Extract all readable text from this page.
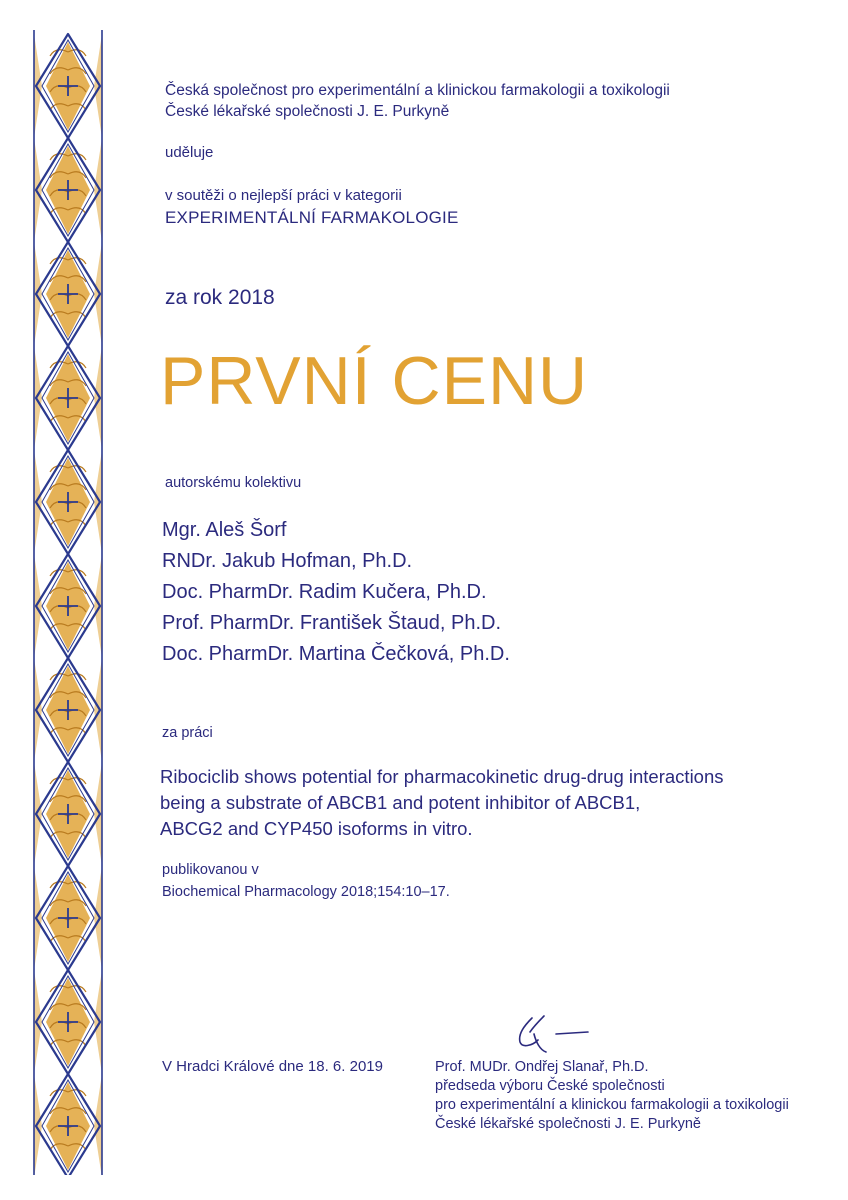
Česká společnost pro experimentální a klinickou farmakologii a toxikologii
České lékařské společnosti J. E. Purkyně

uděluje

v soutěži o nejlepší práci v kategorii

EXPERIMENTÁLNÍ FARMAKOLOGIE

za rok 2018

PRVNÍ CENU

autorskému kolektivu

Mgr. Aleš Šorf
RNDr. Jakub Hofman, Ph.D.
Doc. PharmDr. Radim Kučera, Ph.D.
Prof. PharmDr. František Štaud, Ph.D.
Doc. PharmDr. Martina Čečková, Ph.D.

za práci

Ribociclib shows potential for pharmacokinetic drug-drug interactions
being a substrate of ABCB1 and potent inhibitor of ABCB1,
ABCG2 and CYP450 isoforms in vitro.

publikovanou v

Biochemical Pharmacology 2018;154:10–17.

V Hradci Králové dne 18. 6. 2019	Prof. MUDr. Ondřej Slanař, Ph.D.
předseda výboru České společnosti
pro experimentální a klinickou farmakologii a toxikologii
České lékařské společnosti J. E. Purkyně
